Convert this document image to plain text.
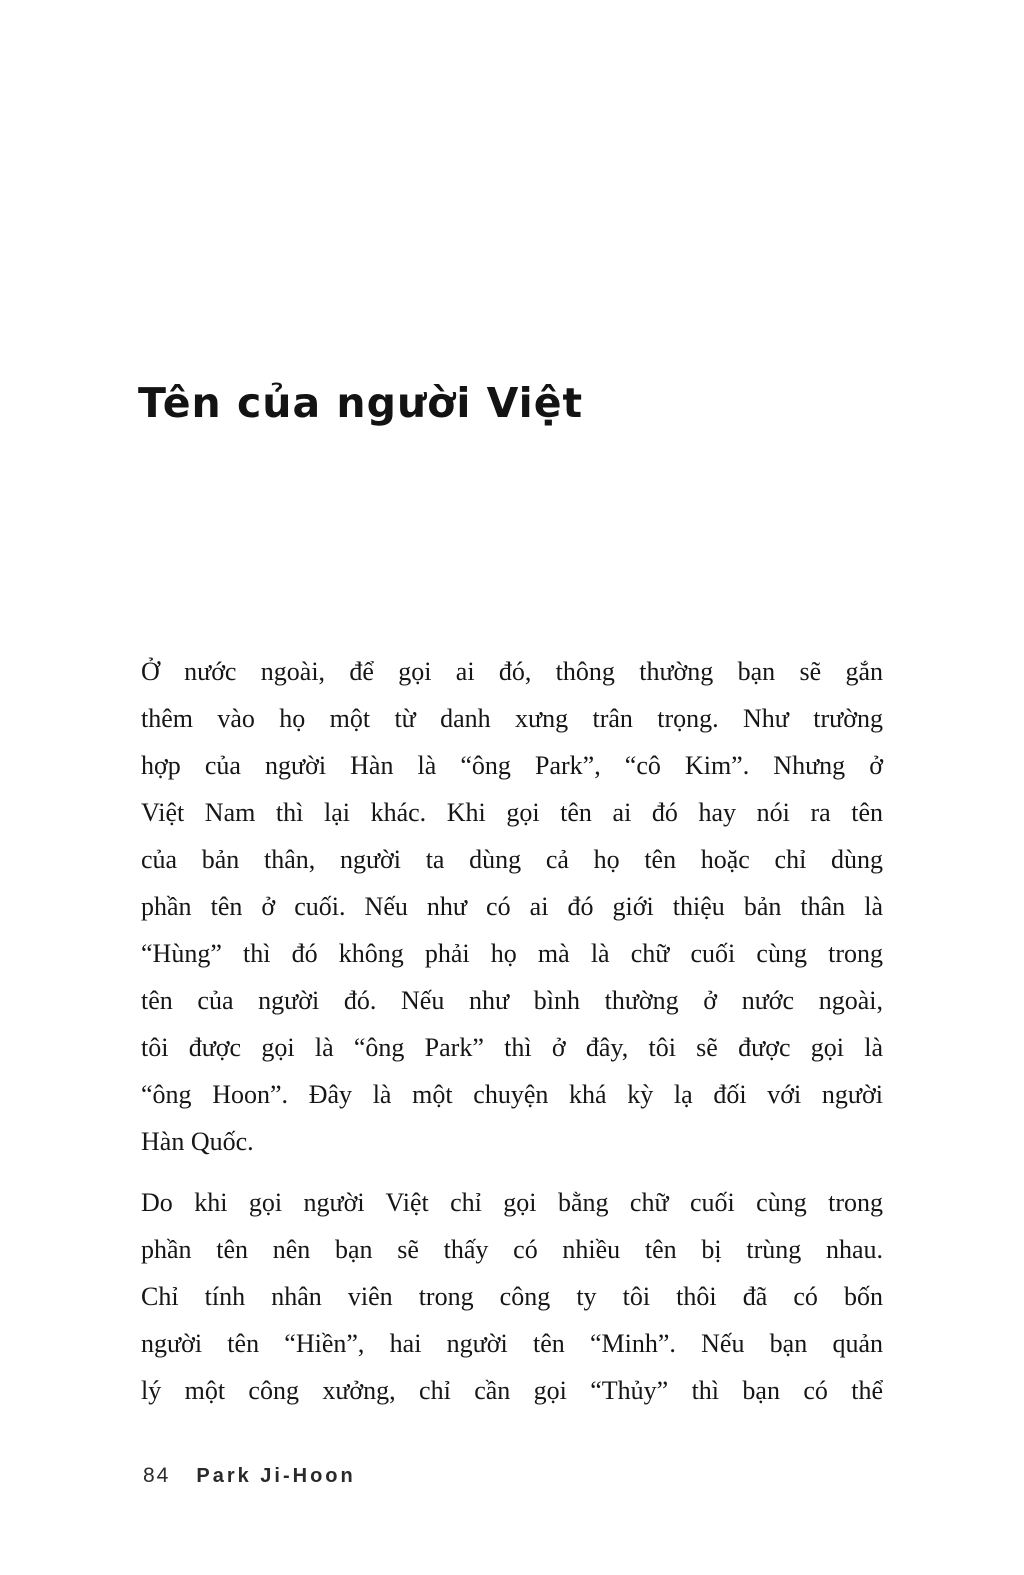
Tên của người Việt
Ở nước ngoài, để gọi ai đó, thông thường bạn sẽ gắn
thêm vào họ một từ danh xưng trân trọng. Như trường
hợp của người Hàn là “ông Park”, “cô Kim”. Nhưng ở
Việt Nam thì lại khác. Khi gọi tên ai đó hay nói ra tên
của bản thân, người ta dùng cả họ tên hoặc chỉ dùng
phần tên ở cuối. Nếu như có ai đó giới thiệu bản thân là
“Hùng” thì đó không phải họ mà là chữ cuối cùng trong
tên của người đó. Nếu như bình thường ở nước ngoài,
tôi được gọi là “ông Park” thì ở đây, tôi sẽ được gọi là
“ông Hoon”. Đây là một chuyện khá kỳ lạ đối với người
Hàn Quốc.
Do khi gọi người Việt chỉ gọi bằng chữ cuối cùng trong
phần tên nên bạn sẽ thấy có nhiều tên bị trùng nhau.
Chỉ tính nhân viên trong công ty tôi thôi đã có bốn
người tên “Hiền”, hai người tên “Minh”. Nếu bạn quản
lý một công xưởng, chỉ cần gọi “Thủy” thì bạn có thể
84 Park Ji-Hoon
